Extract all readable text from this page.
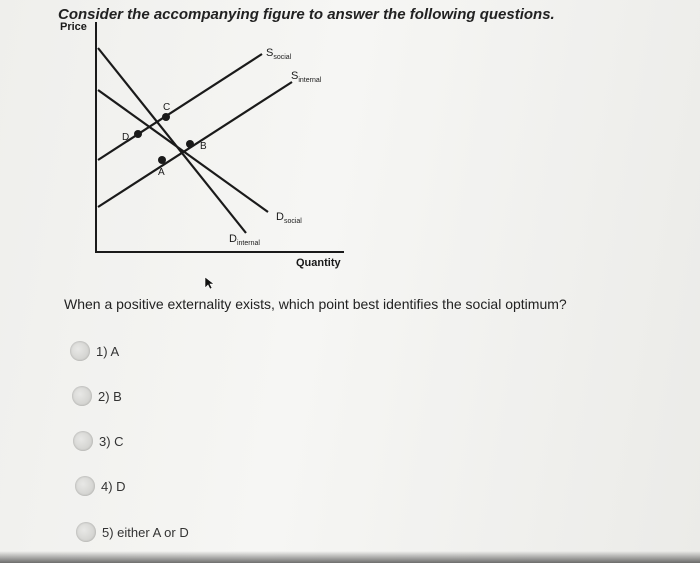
Consider the accompanying figure to answer the following questions.
Price
Quantity
$S_{social}$
$S_{internal}$
$D_{social}$
$D_{internal}$
C
D
B
A
When a positive externality exists, which point best identifies the social optimum?
1) A
2) B
3) C
4) D
5) either A or D
